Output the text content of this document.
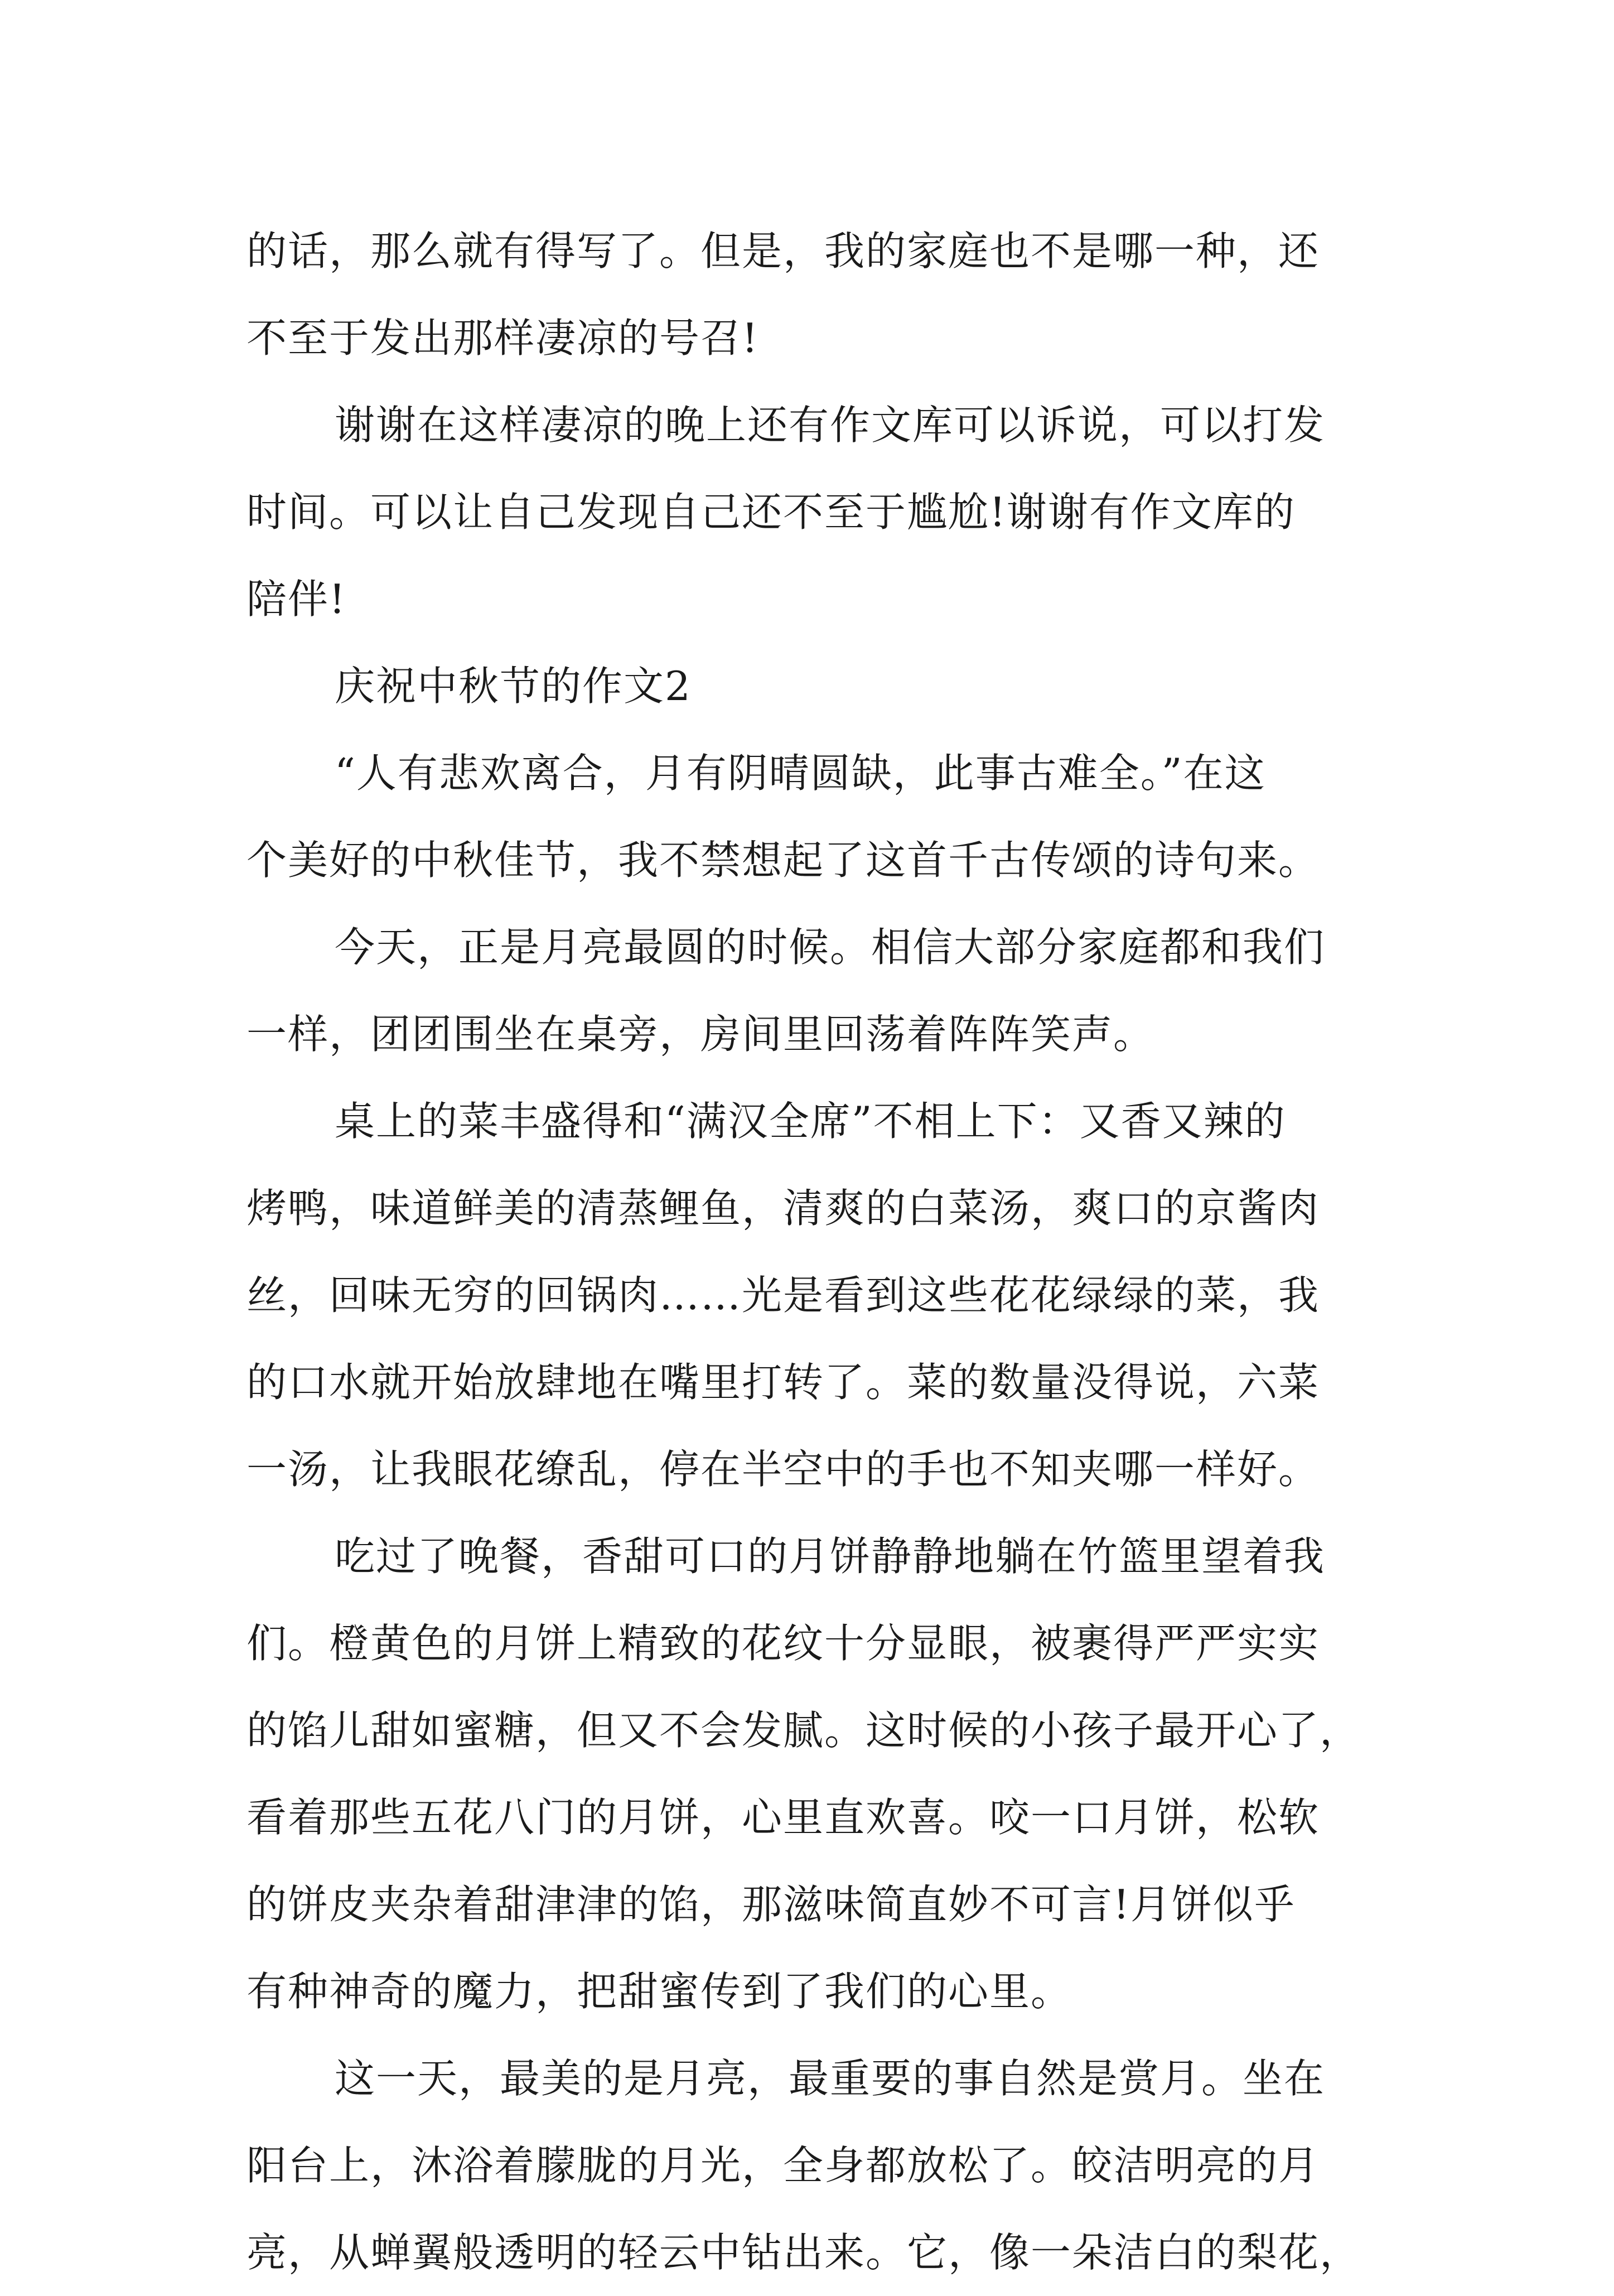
的话，那么就有得写了。但是，我的家庭也不是哪一种，还
不至于发出那样凄凉的号召!
谢谢在这样凄凉的晚上还有作文库可以诉说，可以打发
时间。可以让自己发现自己还不至于尴尬!谢谢有作文库的
陪伴!
庆祝中秋节的作文2
“人有悲欢离合，月有阴晴圆缺，此事古难全。”在这
个美好的中秋佳节，我不禁想起了这首千古传颂的诗句来。
今天，正是月亮最圆的时候。相信大部分家庭都和我们
一样，团团围坐在桌旁，房间里回荡着阵阵笑声。
桌上的菜丰盛得和“满汉全席”不相上下：又香又辣的
烤鸭，味道鲜美的清蒸鲤鱼，清爽的白菜汤，爽口的京酱肉
丝，回味无穷的回锅肉……光是看到这些花花绿绿的菜，我
的口水就开始放肆地在嘴里打转了。菜的数量没得说，六菜
一汤，让我眼花缭乱，停在半空中的手也不知夹哪一样好。
吃过了晚餐，香甜可口的月饼静静地躺在竹篮里望着我
们。橙黄色的月饼上精致的花纹十分显眼，被裹得严严实实
的馅儿甜如蜜糖，但又不会发腻。这时候的小孩子最开心了，
看着那些五花八门的月饼，心里直欢喜。咬一口月饼，松软
的饼皮夹杂着甜津津的馅，那滋味简直妙不可言!月饼似乎
有种神奇的魔力，把甜蜜传到了我们的心里。
这一天，最美的是月亮，最重要的事自然是赏月。坐在
阳台上，沐浴着朦胧的月光，全身都放松了。皎洁明亮的月
亮，从蝉翼般透明的轻云中钻出来。它，像一朵洁白的梨花，
